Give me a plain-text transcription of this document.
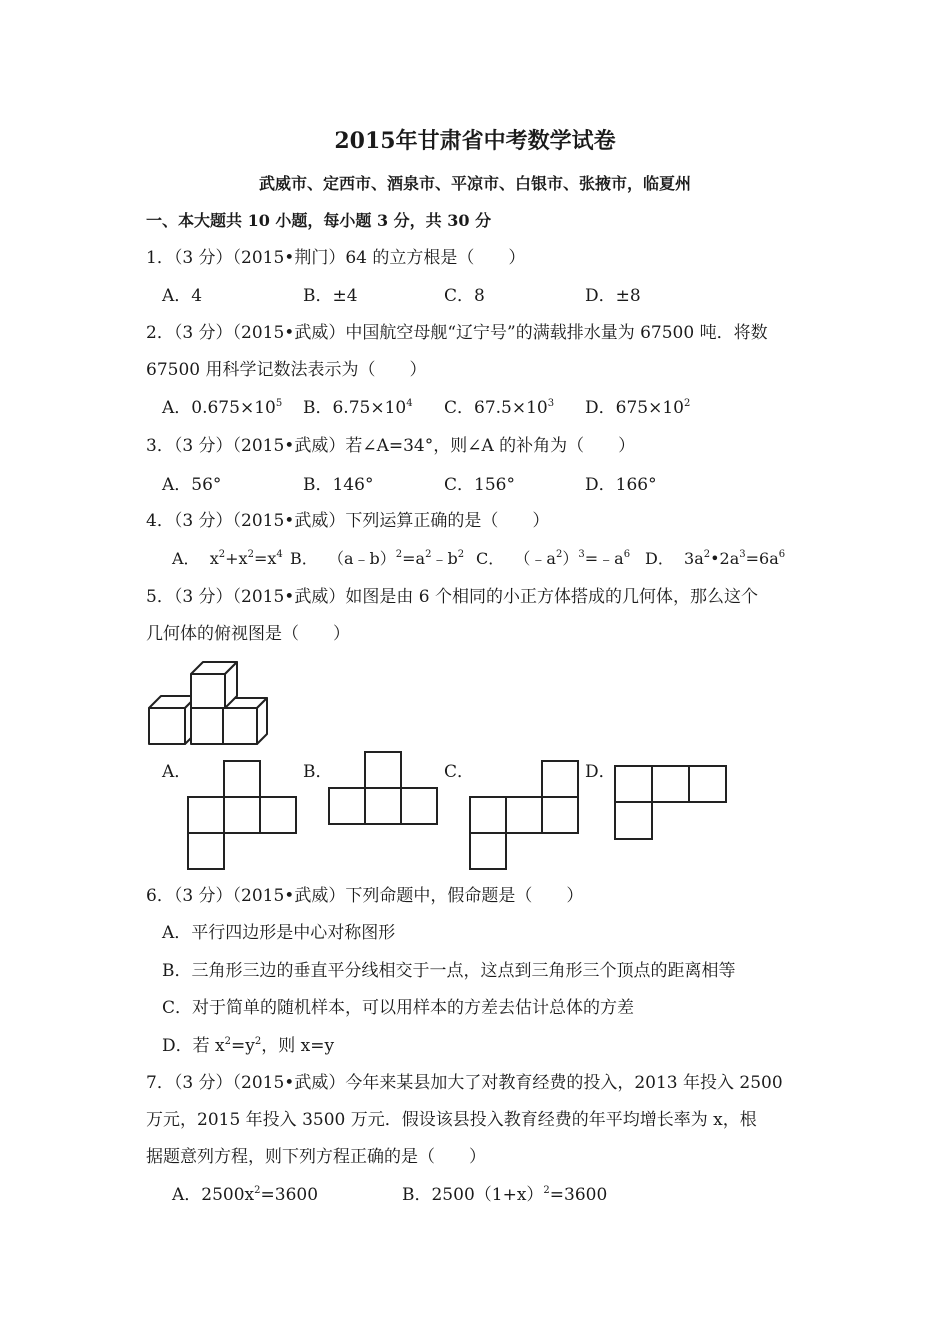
2015年甘肃省中考数学试卷
武威市、定西市、酒泉市、平凉市、白银市、张掖市，临夏州
一、本大题共 10 小题，每小题 3 分，共 30 分
1．（3 分）（2015•荆门）64 的立方根是（　　）
A．4	B．±4	C．8	D．±8
2．（3 分）（2015•武威）中国航空母舰“辽宁号”的满载排水量为 67500 吨．将数
67500 用科学记数法表示为（　　）
A．$0.675\times 10^5$ B．$6.75\times 10^4$ C．$67.5\times 10^3$ D．$675\times 10^2$
3．（3 分）（2015•武威）若∠A=34°，则∠A 的补角为（　　）
A．56°	B．146°	C．156°	D．166°
4．（3 分）（2015•武威）下列运算正确的是（　　）
A． $x^2+x^2=x^4$ B． $(a﹣b)^2=a^2﹣b^2$ C． $(﹣a^2)^3=﹣a^6$ D． $3a^2•2a^3=6a^6$
5．（3 分）（2015•武威）如图是由 6 个相同的小正方体搭成的几何体，那么这个
几何体的俯视图是（　　）
A．	B．	C．	D．
6．（3 分）（2015•武威）下列命题中，假命题是（　　）
A．平行四边形是中心对称图形
B．三角形三边的垂直平分线相交于一点，这点到三角形三个顶点的距离相等
C．对于简单的随机样本，可以用样本的方差去估计总体的方差
D．若 $x^2=y^2$，则 x=y
7．（3 分）（2015•武威）今年来某县加大了对教育经费的投入，2013 年投入 2500
万元，2015 年投入 3500 万元．假设该县投入教育经费的年平均增长率为 x，根
据题意列方程，则下列方程正确的是（　　）
A．$2500x^2=3600$	B．$2500(1+x)^2=3600$
